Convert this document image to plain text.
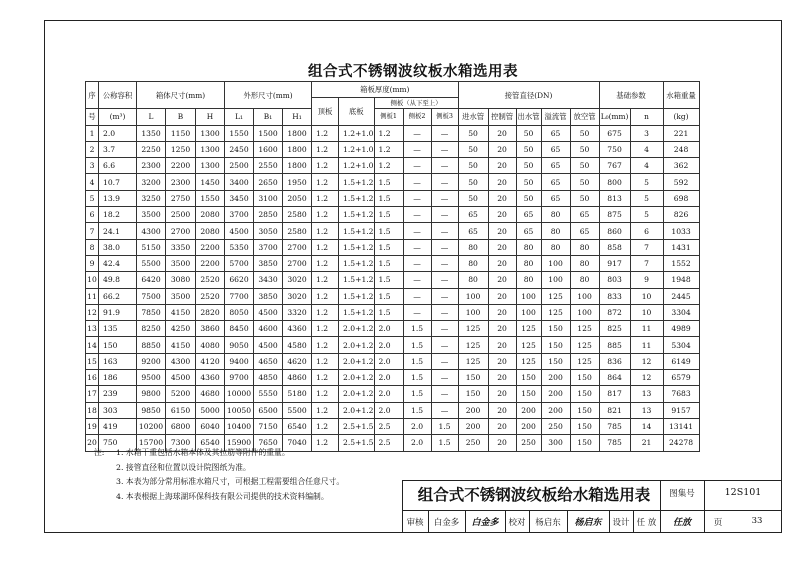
组合式不锈钢波纹板水箱选用表
序	公称容积	箱体尺寸(mm)			外形尺寸(mm)			箱板厚度(mm)					接管直径(DN)					基础参数		水箱重量
								顶板	底板	侧板（从下至上）										
号	(m³)	L	B	H	L₁	B₁	H₁			侧板1	侧板2	侧板3	进水管	控制管	出水管	溢流管	放空管	L₀(mm)	n	(kg)

1	2.0	1350	1150	1300	1550	1500	1800	1.2	1.2+1.0	1.2	—	—	50	20	50	65	50	675	3	221
2	3.7	2250	1250	1300	2450	1600	1800	1.2	1.2+1.0	1.2	—	—	50	20	50	65	50	750	4	248
3	6.6	2300	2200	1300	2500	2550	1800	1.2	1.2+1.0	1.2	—	—	50	20	50	65	50	767	4	362
4	10.7	3200	2300	1450	3400	2650	1950	1.2	1.5+1.2	1.5	—	—	50	20	50	65	50	800	5	592
5	13.9	3250	2750	1550	3450	3100	2050	1.2	1.5+1.2	1.5	—	—	50	20	50	65	50	813	5	698
6	18.2	3500	2500	2080	3700	2850	2580	1.2	1.5+1.2	1.5	—	—	65	20	65	80	65	875	5	826
7	24.1	4300	2700	2080	4500	3050	2580	1.2	1.5+1.2	1.5	—	—	65	20	65	80	65	860	6	1033
8	38.0	5150	3350	2200	5350	3700	2700	1.2	1.5+1.2	1.5	—	—	80	20	80	80	80	858	7	1431
9	42.4	5500	3500	2200	5700	3850	2700	1.2	1.5+1.2	1.5	—	—	80	20	80	100	80	917	7	1552
10	49.8	6420	3080	2520	6620	3430	3020	1.2	1.5+1.2	1.5	—	—	80	20	80	100	80	803	9	1948
11	66.2	7500	3500	2520	7700	3850	3020	1.2	1.5+1.2	1.5	—	—	100	20	100	125	100	833	10	2445
12	91.9	7850	4150	2820	8050	4500	3320	1.2	1.5+1.2	1.5	—	—	100	20	100	125	100	872	10	3304
13	135	8250	4250	3860	8450	4600	4360	1.2	2.0+1.2	2.0	1.5	—	125	20	125	150	125	825	11	4989
14	150	8850	4150	4080	9050	4500	4580	1.2	2.0+1.2	2.0	1.5	—	125	20	125	150	125	885	11	5304
15	163	9200	4300	4120	9400	4650	4620	1.2	2.0+1.2	2.0	1.5	—	125	20	125	150	125	836	12	6149
16	186	9500	4500	4360	9700	4850	4860	1.2	2.0+1.2	2.0	1.5	—	150	20	150	200	150	864	12	6579
17	239	9800	5200	4680	10000	5550	5180	1.2	2.0+1.2	2.0	1.5	—	150	20	150	200	150	817	13	7683
18	303	9850	6150	5000	10050	6500	5500	1.2	2.0+1.2	2.0	1.5	—	200	20	200	200	150	821	13	9157
19	419	10200	6800	6040	10400	7150	6540	1.2	2.5+1.5	2.5	2.0	1.5	200	20	200	250	150	785	14	13141
20	750	15700	7300	6540	15900	7650	7040	1.2	2.5+1.5	2.5	2.0	1.5	250	20	250	300	150	785	21	24278
注:	1. 水箱干重包括水箱本体及其拉筋等附件的重量。
2. 接管直径和位置以设计院图纸为准。
3. 本表为部分常用标准水箱尺寸，可根据工程需要组合任意尺寸。
4. 本表根据上海球湖环保科技有限公司提供的技术资料编制。	组合式不锈钢波纹板给水箱选用表	图集号	12S101
审核	白金多	白金多	校对	杨启东	杨启东	设计 任 放	任放	页	33
